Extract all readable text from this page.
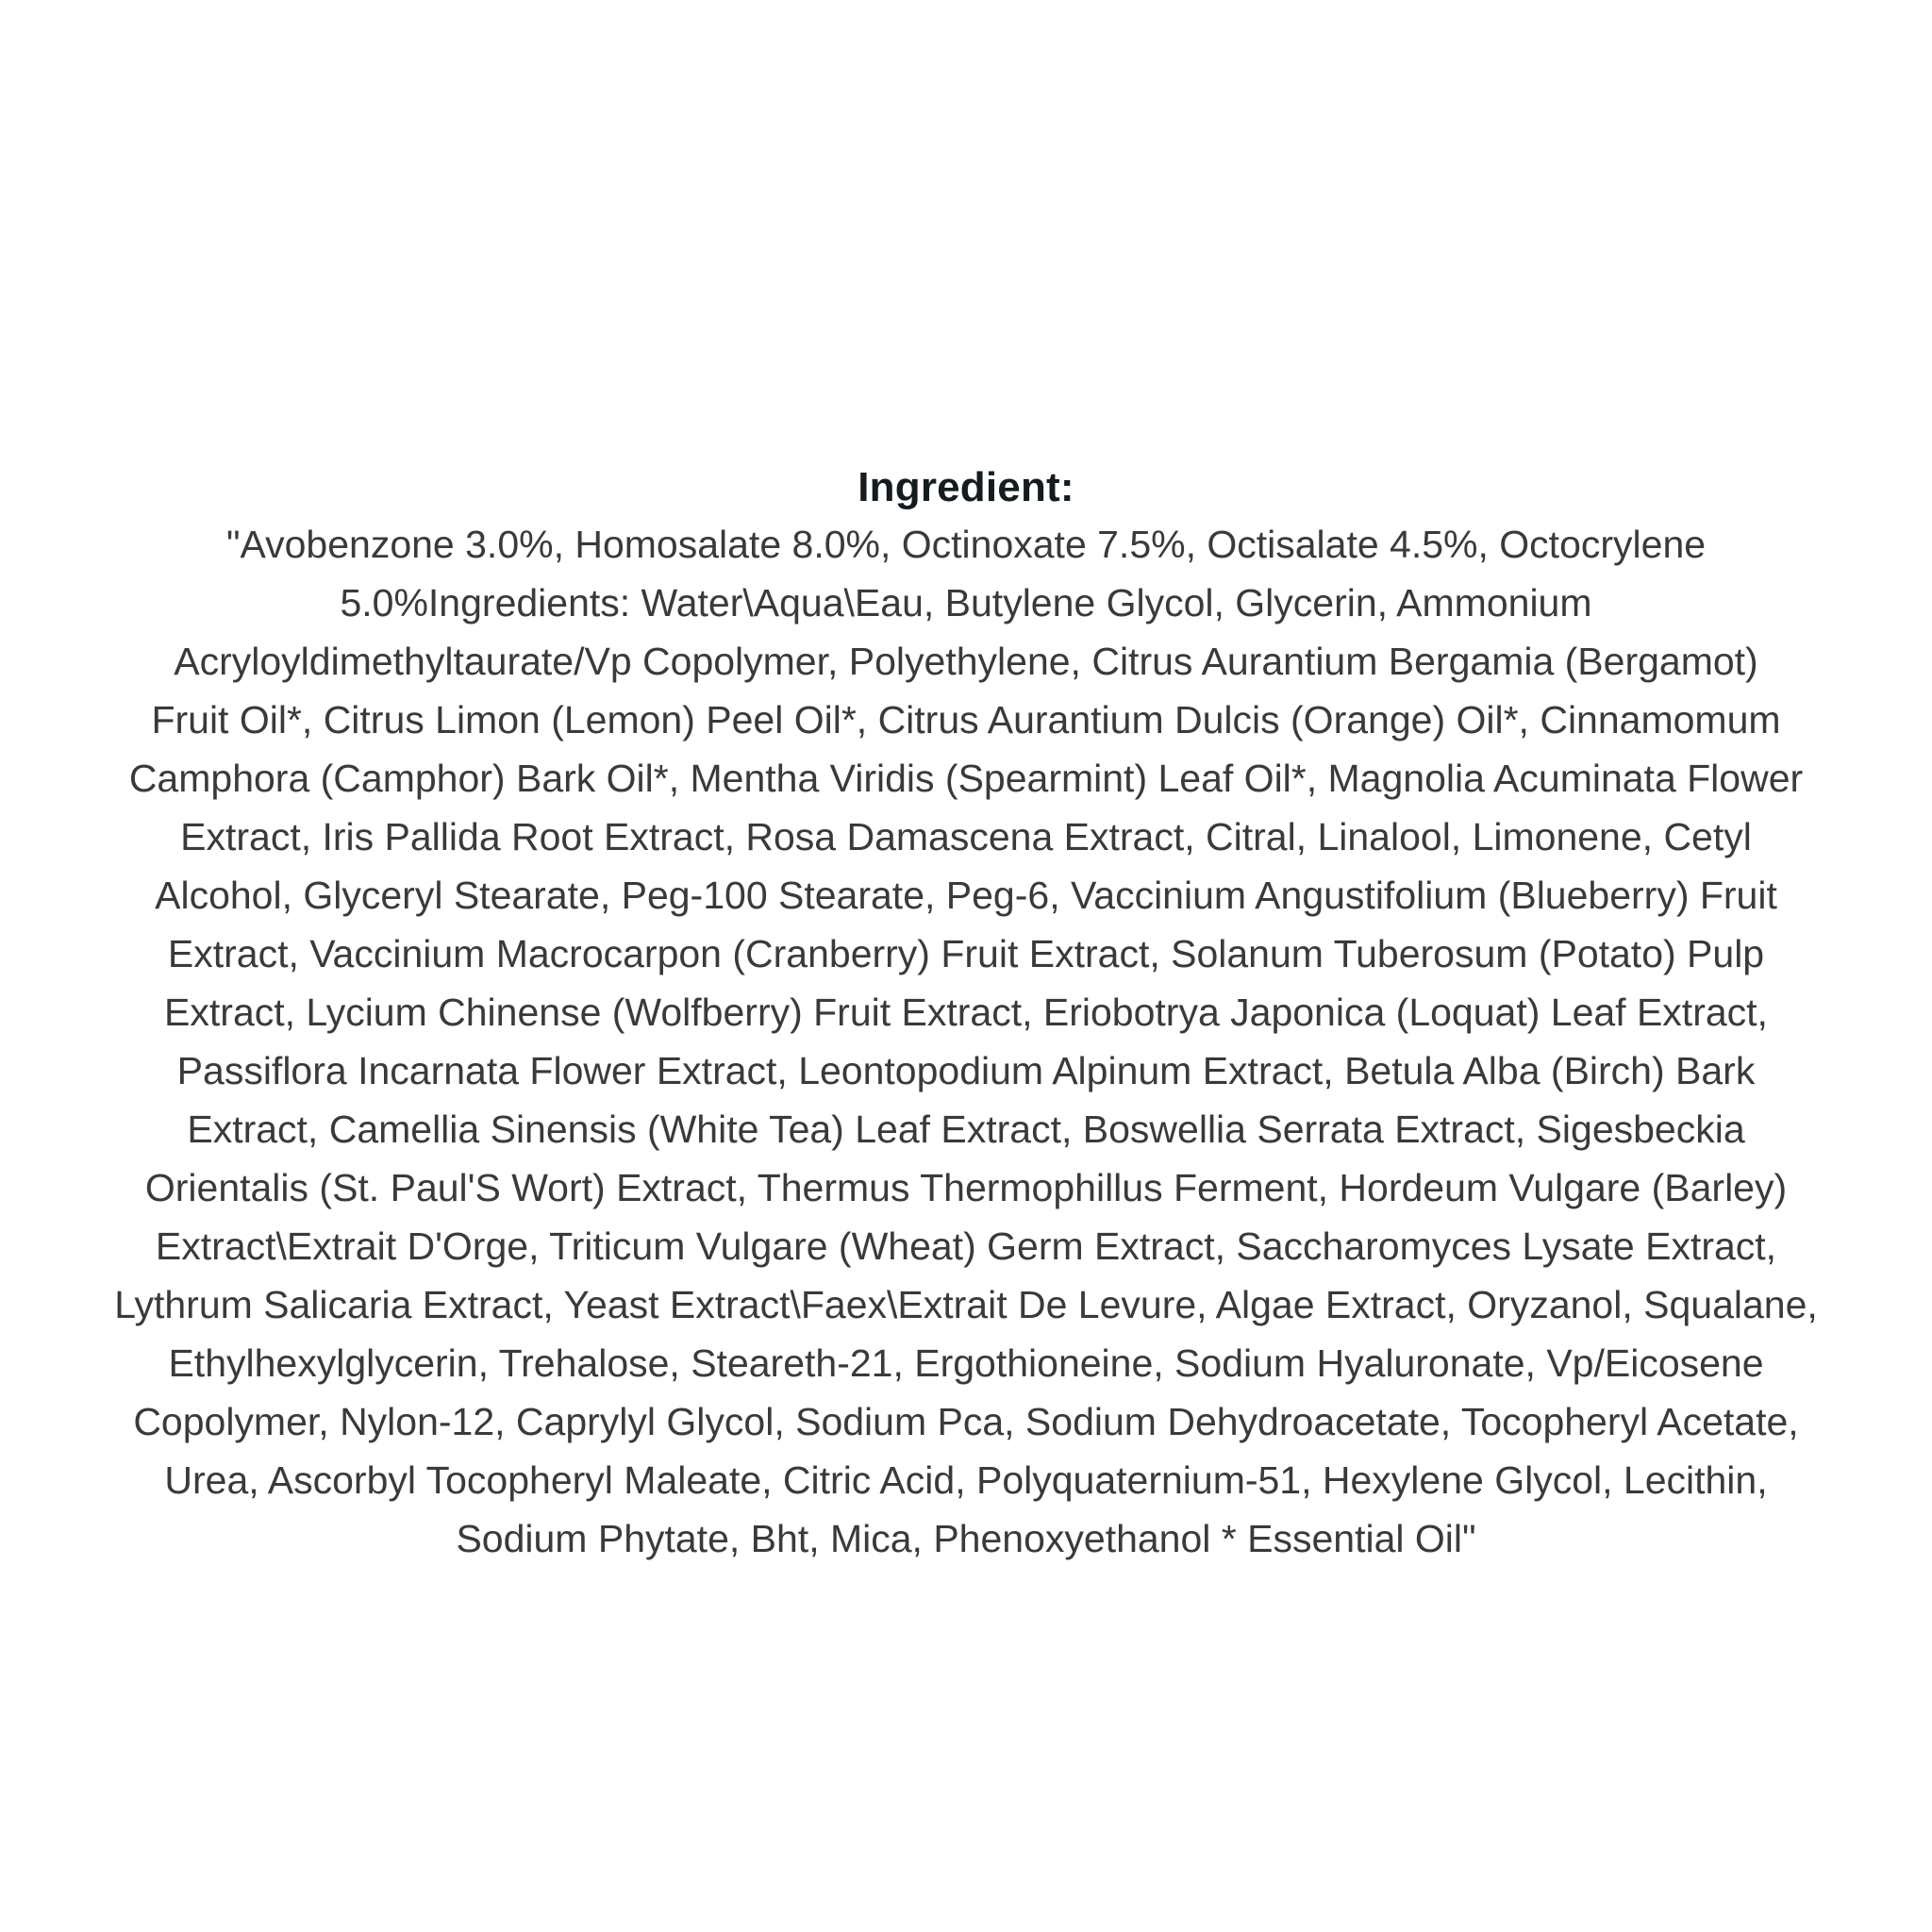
Ingredient:
"Avobenzone 3.0%, Homosalate 8.0%, Octinoxate 7.5%, Octisalate 4.5%, Octocrylene
5.0%Ingredients: Water\Aqua\Eau, Butylene Glycol, Glycerin, Ammonium
Acryloyldimethyltaurate/Vp Copolymer, Polyethylene, Citrus Aurantium Bergamia (Bergamot)
Fruit Oil*, Citrus Limon (Lemon) Peel Oil*, Citrus Aurantium Dulcis (Orange) Oil*, Cinnamomum
Camphora (Camphor) Bark Oil*, Mentha Viridis (Spearmint) Leaf Oil*, Magnolia Acuminata Flower
Extract, Iris Pallida Root Extract, Rosa Damascena Extract, Citral, Linalool, Limonene, Cetyl
Alcohol, Glyceryl Stearate, Peg-100 Stearate, Peg-6, Vaccinium Angustifolium (Blueberry) Fruit
Extract, Vaccinium Macrocarpon (Cranberry) Fruit Extract, Solanum Tuberosum (Potato) Pulp
Extract, Lycium Chinense (Wolfberry) Fruit Extract, Eriobotrya Japonica (Loquat) Leaf Extract,
Passiflora Incarnata Flower Extract, Leontopodium Alpinum Extract, Betula Alba (Birch) Bark
Extract, Camellia Sinensis (White Tea) Leaf Extract, Boswellia Serrata Extract, Sigesbeckia
Orientalis (St. Paul'S Wort) Extract, Thermus Thermophillus Ferment, Hordeum Vulgare (Barley)
Extract\Extrait D'Orge, Triticum Vulgare (Wheat) Germ Extract, Saccharomyces Lysate Extract,
Lythrum Salicaria Extract, Yeast Extract\Faex\Extrait De Levure, Algae Extract, Oryzanol, Squalane,
Ethylhexylglycerin, Trehalose, Steareth-21, Ergothioneine, Sodium Hyaluronate, Vp/Eicosene
Copolymer, Nylon-12, Caprylyl Glycol, Sodium Pca, Sodium Dehydroacetate, Tocopheryl Acetate,
Urea, Ascorbyl Tocopheryl Maleate, Citric Acid, Polyquaternium-51, Hexylene Glycol, Lecithin,
Sodium Phytate, Bht, Mica, Phenoxyethanol * Essential Oil"
